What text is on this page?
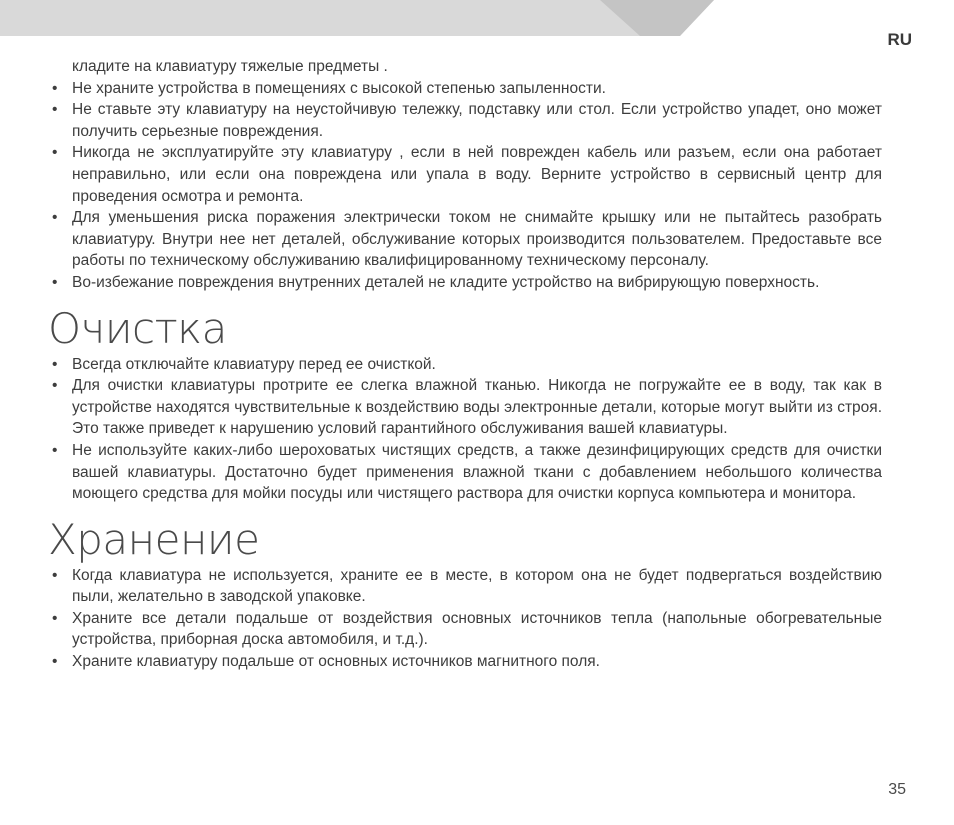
RU
кладите на клавиатуру тяжелые предметы .
• Не храните устройства в помещениях с высокой степенью запыленности.
• Не ставьте эту клавиатуру на неустойчивую тележку, подставку или стол. Если устройство упадет, оно может получить серьезные повреждения.
• Никогда не эксплуатируйте эту клавиатуру , если в ней поврежден кабель или разъем, если она работает неправильно, или если она повреждена или упала в воду. Верните устройство в сервисный центр для проведения осмотра и ремонта.
• Для уменьшения риска поражения электрически током не снимайте крышку или не пытайтесь разобрать клавиатуру. Внутри нее нет деталей, обслуживание которых производится пользователем. Предоставьте все работы по техническому обслуживанию квалифицированному техническому персоналу.
• Во-избежание повреждения внутренних деталей не кладите устройство на вибрирующую поверхность.
Очистка
• Всегда отключайте клавиатуру перед ее очисткой.
• Для очистки клавиатуры протрите ее слегка влажной тканью. Никогда не погружайте ее в воду, так как в устройстве находятся чувствительные к воздействию воды электронные детали, которые могут выйти из строя. Это также приведет к нарушению условий гарантийного обслуживания вашей клавиатуры.
• Не используйте каких-либо шероховатых чистящих средств, а также дезинфицирующих средств для очистки вашей клавиатуры. Достаточно будет применения влажной ткани с добавлением небольшого количества моющего средства для мойки посуды или чистящего раствора для очистки корпуса компьютера и монитора.
Хранение
• Когда клавиатура не используется, храните ее в месте, в котором она не будет подвергаться воздействию пыли, желательно в заводской упаковке.
• Храните все детали подальше от воздействия основных источников тепла (напольные обогревательные устройства, приборная доска автомобиля, и т.д.).
• Храните клавиатуру подальше от основных источников магнитного поля.
35
